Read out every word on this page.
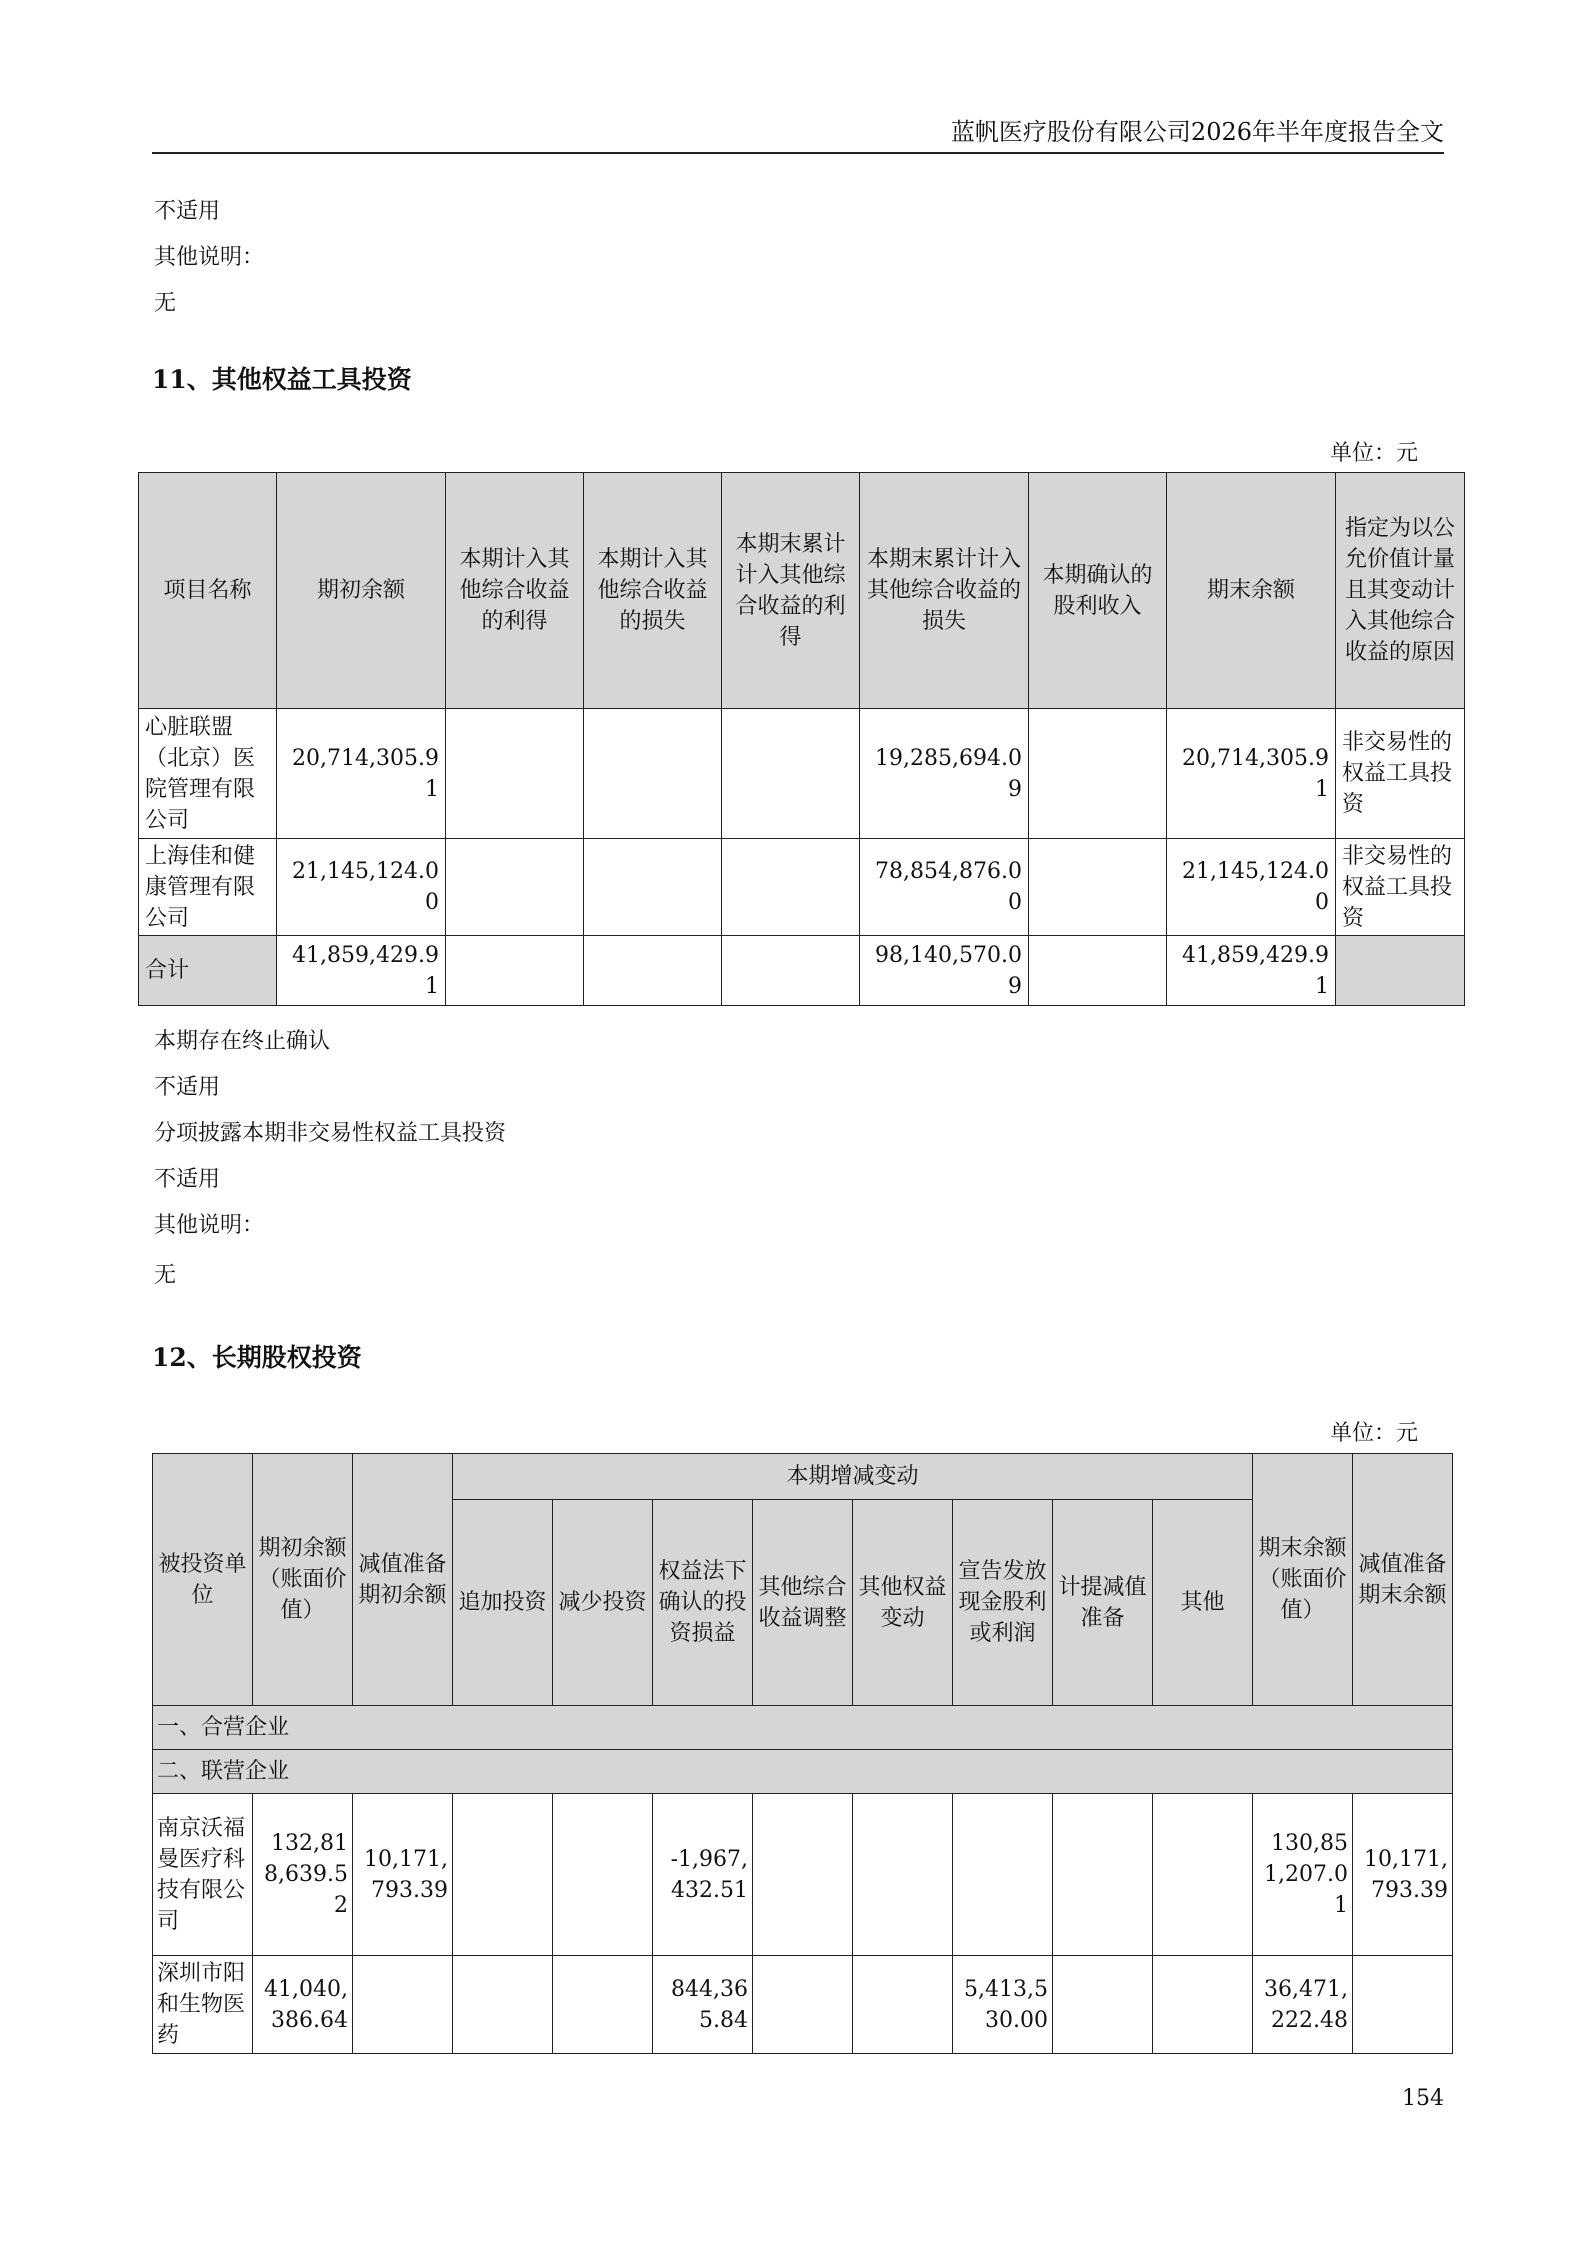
蓝帆医疗股份有限公司2026年半年度报告全文
不适用
其他说明：
无
11、其他权益工具投资
单位：元
项目名称	期初余额	本期计入其他综合收益的利得	本期计入其他综合收益的损失	本期末累计计入其他综合收益的利得	本期末累计计入其他综合收益的损失	本期确认的股利收入	期末余额	指定为以公允价值计量且其变动计入其他综合收益的原因
心脏联盟（北京）医院管理有限公司	20,714,305.91				19,285,694.09		20,714,305.91	非交易性的权益工具投资
上海佳和健康管理有限公司	21,145,124.00				78,854,876.00		21,145,124.00	非交易性的权益工具投资
合计	41,859,429.91				98,140,570.09		41,859,429.91	
本期存在终止确认
不适用
分项披露本期非交易性权益工具投资
不适用
其他说明：
无
12、长期股权投资
单位：元
被投资单位	期初余额（账面价值）	减值准备期初余额	本期增减变动								期末余额（账面价值）	减值准备期末余额
			追加投资	减少投资	权益法下确认的投资损益	其他综合收益调整	其他权益变动	宣告发放现金股利或利润	计提减值准备	其他		
一、合营企业												
二、联营企业												
南京沃福曼医疗科技有限公司	132,818,639.52	10,171,793.39			-1,967,432.51						130,851,207.01	10,171,793.39
深圳市阳和生物医药	41,040,386.64				844,365.84			5,413,530.00			36,471,222.48	
154
